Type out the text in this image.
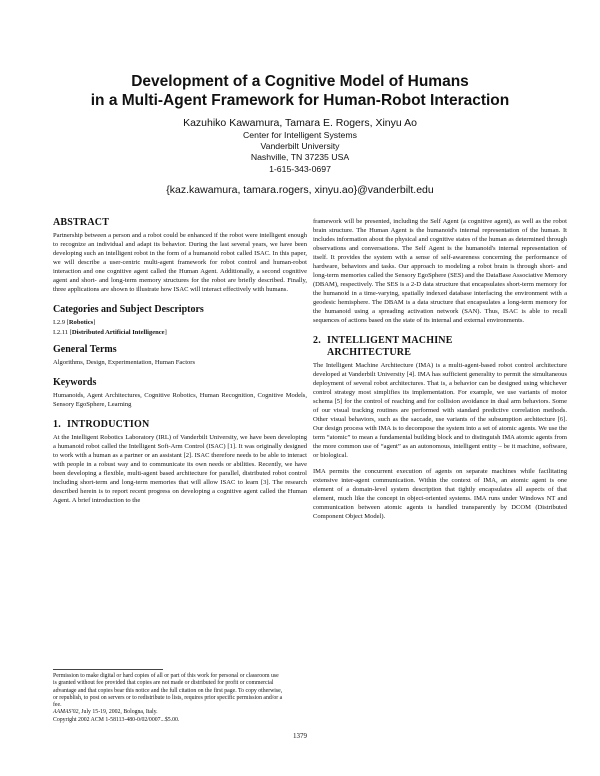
Development of a Cognitive Model of Humans
in a Multi-Agent Framework for Human-Robot Interaction
Kazuhiko Kawamura, Tamara E. Rogers, Xinyu Ao
Center for Intelligent Systems
Vanderbilt University
Nashville, TN 37235 USA
1-615-343-0697
{kaz.kawamura, tamara.rogers, xinyu.ao}@vanderbilt.edu
ABSTRACT

Partnership between a person and a robot could be enhanced if the robot were intelligent enough to recognize an individual and adapt its behavior. During the last several years, we have been developing such an intelligent robot in the form of a humanoid robot called ISAC. In this paper, we will describe a user-centric multi-agent framework for robot control and human-robot interaction and one cognitive agent called the Human Agent. Additionally, a second cognitive agent and short- and long-term memory structures for the robot are briefly described. Finally, three applications are shown to illustrate how ISAC will interact effectively with humans.

Categories and Subject Descriptors
I.2.9 [Robotics]
I.2.11 [Distributed Artificial Intelligence]
General Terms

Algorithms, Design, Experimentation, Human Factors

Keywords

Humanoids, Agent Architectures, Cognitive Robotics, Human Recognition, Cognitive Models, Sensory EgoSphere, Learning

1. INTRODUCTION

At the Intelligent Robotics Laboratory (IRL) of Vanderbilt University, we have been developing a humanoid robot called the Intelligent Soft-Arm Control (ISAC) [1]. It was originally designed to work with a human as a partner or an assistant [2]. ISAC therefore needs to be able to interact with people in a robust way and to communicate its own needs or abilities. Recently, we have been developing a flexible, multi-agent based architecture for parallel, distributed robot control including short-term and long-term memories that will allow ISAC to learn [3]. The research described herein is to report recent progress on developing a cognitive agent called the Human Agent. A brief introduction to the

Permission to make digital or hard copies of all or part of this work for personal or classroom use is granted without fee provided that copies are not made or distributed for profit or commercial advantage and that copies bear this notice and the full citation on the first page. To copy otherwise, or republish, to post on servers or to redistribute to lists, requires prior specific permission and/or a fee.

AAMAS'02, July 15-19, 2002, Bologna, Italy.

Copyright 2002 ACM 1-58113-480-0/02/0007...$5.00.

framework will be presented, including the Self Agent (a cognitive agent), as well as the robot brain structure. The Human Agent is the humanoid's internal representation of the human. It includes information about the physical and cognitive states of the human as determined through observations and conversations. The Self Agent is the humanoid's internal representation of itself. It provides the system with a sense of self-awareness concerning the performance of hardware, behaviors and tasks. Our approach to modeling a robot brain is through short- and long-term memories called the Sensory EgoSphere (SES) and the DataBase Associative Memory (DBAM), respectively. The SES is a 2-D data structure that encapsulates short-term memory for the humanoid in a time-varying, spatially indexed database interfacing the environment with a geodesic hemisphere. The DBAM is a data structure that encapsulates a long-term memory for the humanoid using a spreading activation network (SAN). Thus, ISAC is able to recall sequences of actions based on the state of its internal and external environments.

2. INTELLIGENT MACHINE
ARCHITECTURE

The Intelligent Machine Architecture (IMA) is a multi-agent-based robot control architecture developed at Vanderbilt University [4]. IMA has sufficient generality to permit the simultaneous deployment of several robot architectures. That is, a behavior can be designed using whichever control strategy most simplifies its implementation. For example, we use variants of motor schema [5] for the control of reaching and for collision avoidance in dual arm behaviors. Some of our visual tracking routines are performed with standard predictive correlation methods. Other visual behaviors, such as the saccade, use variants of the subsumption architecture [6]. Our design process with IMA is to decompose the system into a set of atomic agents. We use the term “atomic” to mean a fundamental building block and to distinguish IMA atomic agents from the more common use of “agent” as an autonomous, intelligent entity – be it machine, software, or biological.

IMA permits the concurrent execution of agents on separate machines while facilitating extensive inter-agent communication. Within the context of IMA, an atomic agent is one element of a domain-level system description that tightly encapsulates all aspects of that element, much like the concept in object-oriented systems. IMA runs under Windows NT and communication between atomic agents is handled transparently by DCOM (Distributed Component Object Model).

1379
